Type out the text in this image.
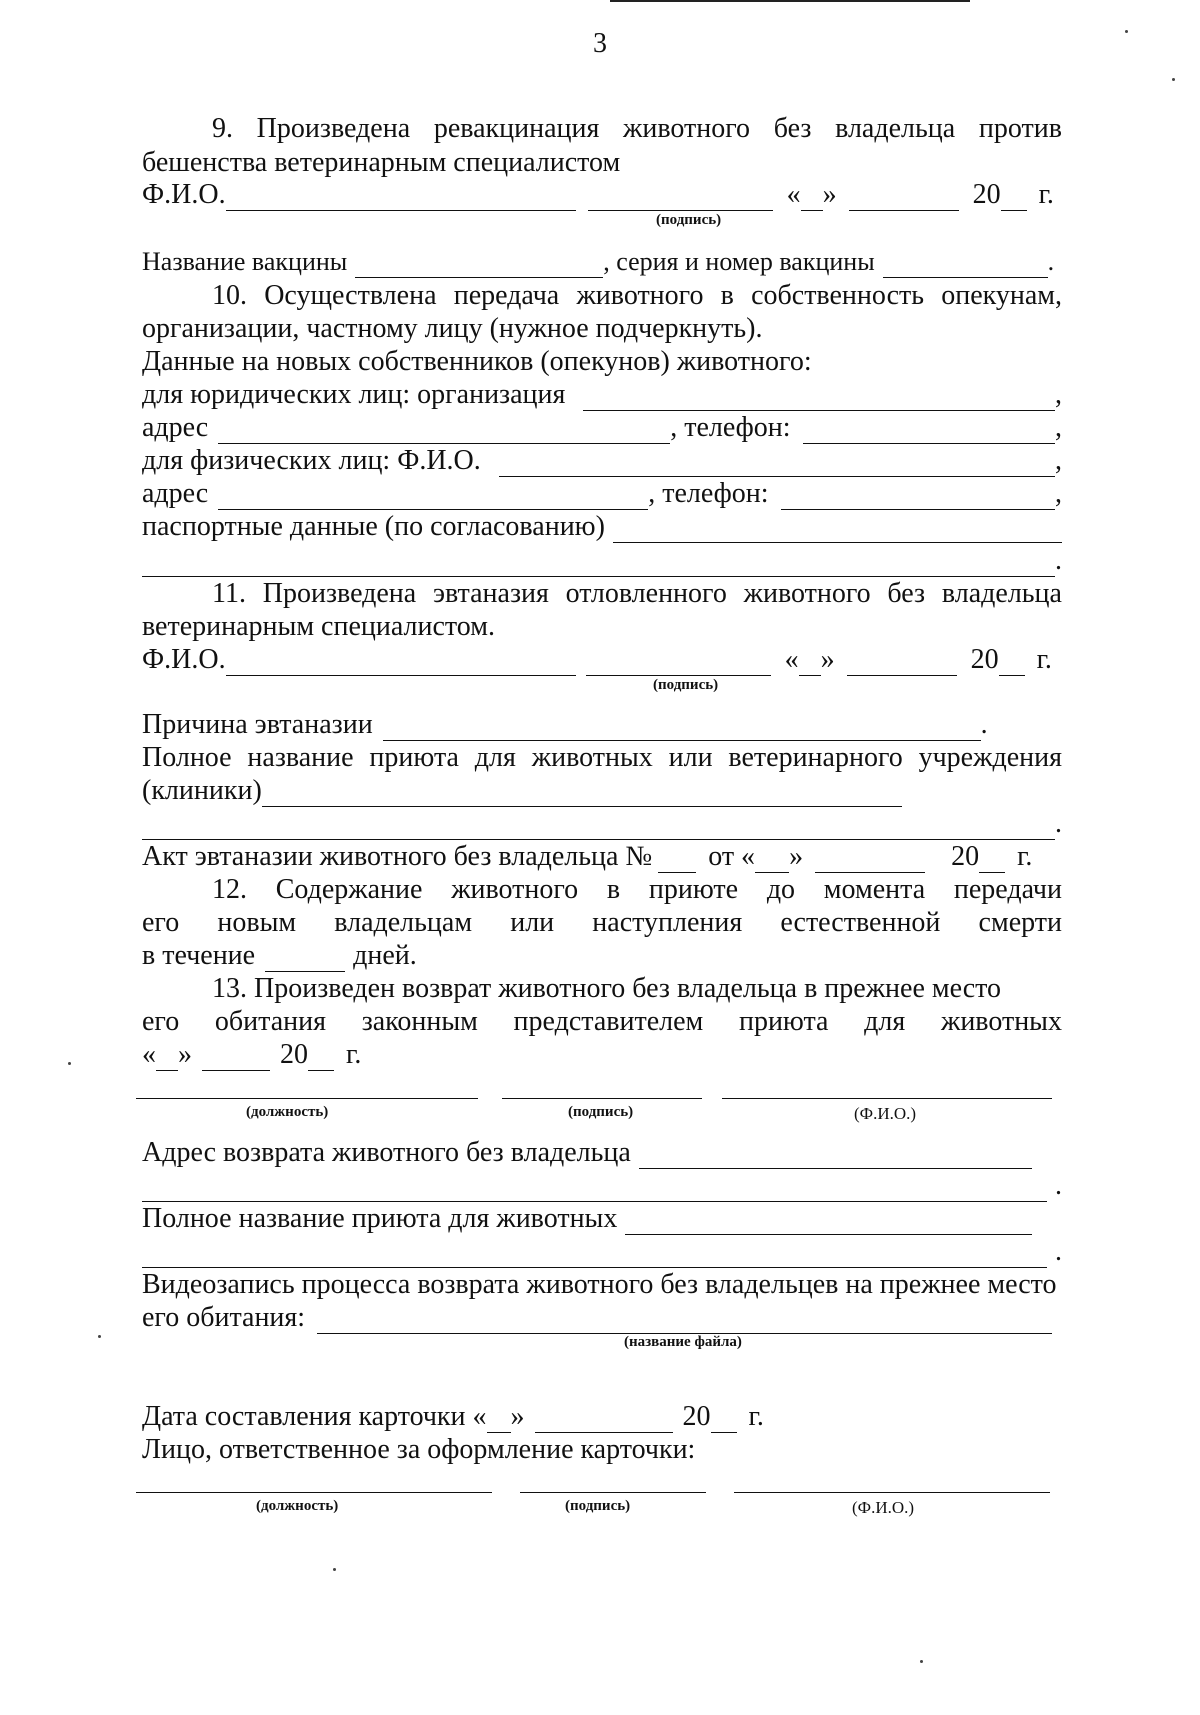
3
9. Произведена ревакцинация животного без владельца против
бешенства ветеринарным специалистом
Ф.И.О.	« »	20 г.
(подпись)
Название вакцины	, серия и номер вакцины	.
10. Осуществлена передача животного в собственность опекунам,
организации, частному лицу (нужное подчеркнуть).
Данные на новых собственников (опекунов) животного:
для юридических лиц: организация	,
адрес	, телефон:	,
для физических лиц: Ф.И.О.	,
адрес	, телефон:	,
паспортные данные (по согласованию)
.
11. Произведена эвтаназия отловленного животного без владельца
ветеринарным специалистом.
Ф.И.О.	« »	20 г.
(подпись)
Причина эвтаназии	.
Полное название приюта для животных или ветеринарного учреждения
(клиники)
.
Акт эвтаназии животного без владельца № от « »	20 г.
12. Содержание животного в приюте до момента передачи
его новым владельцам или наступления естественной смерти
в течение	дней.
13. Произведен возврат животного без владельца в прежнее место
его обитания законным представителем приюта для животных
« »	20 г.
(должность)	(подпись)	(Ф.И.О.)
Адрес возврата животного без владельца
.
Полное название приюта для животных
.
Видеозапись процесса возврата животного без владельцев на прежнее место
его обитания:
(название файла)
Дата составления карточки « »	20 г.
Лицо, ответственное за оформление карточки:
(должность)	(подпись)	(Ф.И.О.)
